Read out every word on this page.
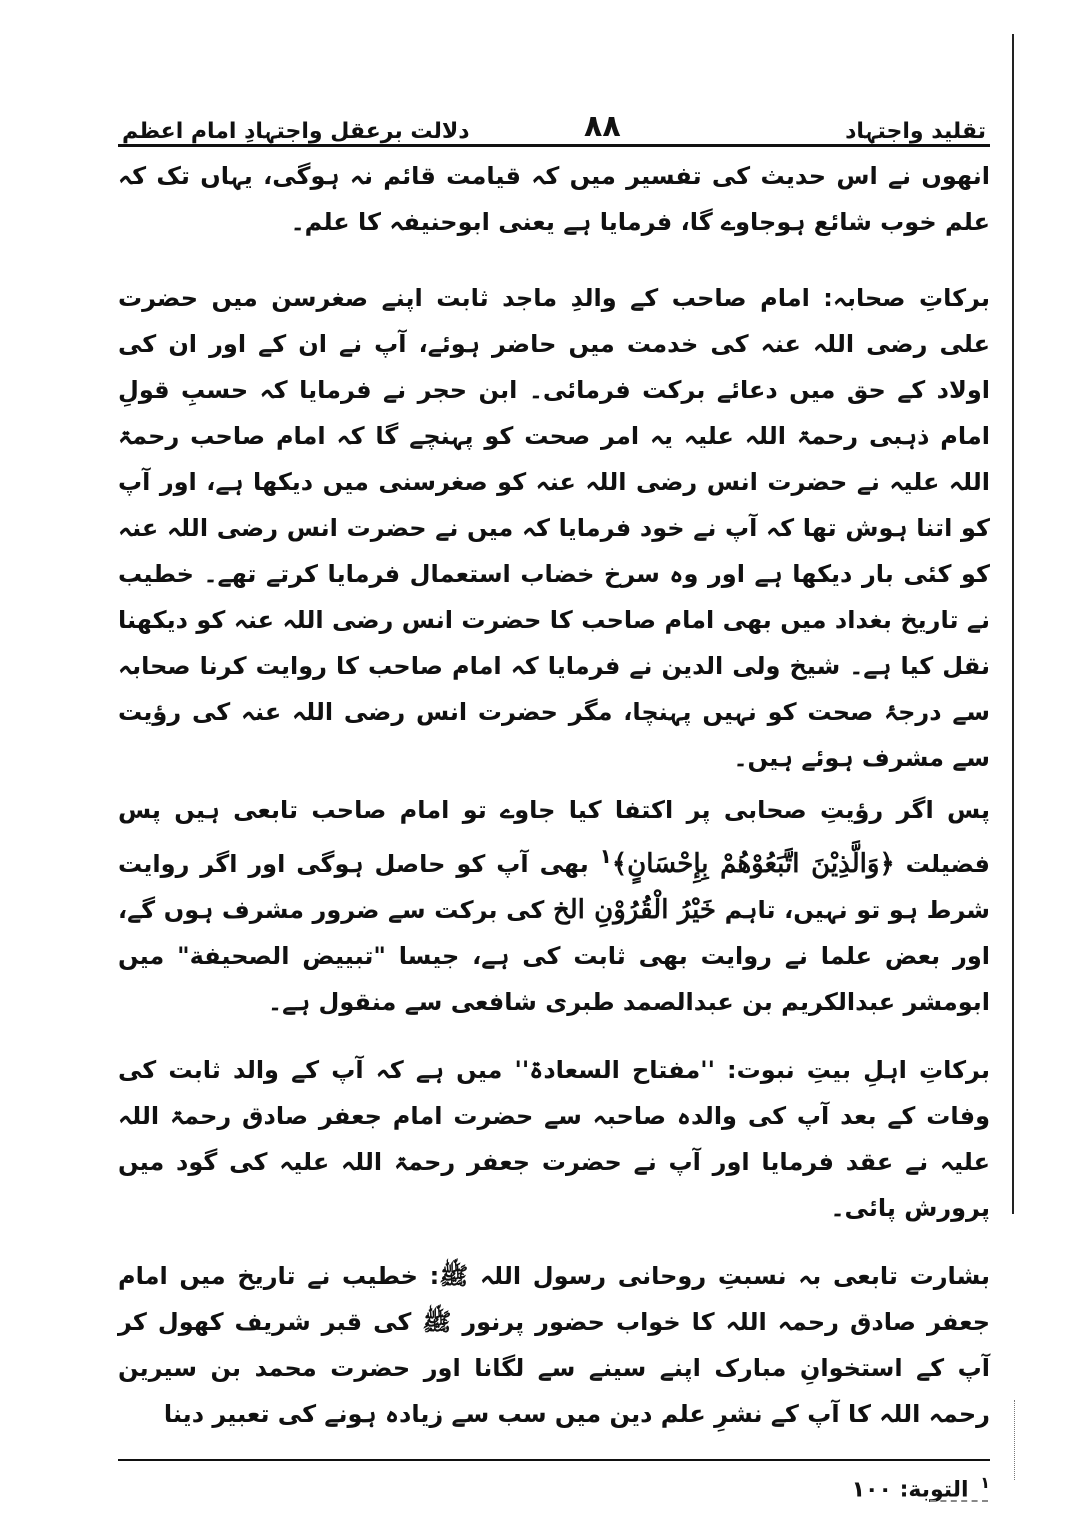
دلالت برعقل واجتہادِ امام اعظم	۸۸	تقلید واجتہاد

انھوں نے اس حدیث کی تفسیر میں کہ قیامت قائم نہ ہوگی، یہاں تک کہ علم خوب شائع ہوجاوے گا، فرمایا ہے یعنی ابوحنیفہ کا علم۔

برکاتِ صحابہ: امام صاحب کے والدِ ماجد ثابت اپنے صغرسن میں حضرت علی رضی اللہ عنہ کی خدمت میں حاضر ہوئے، آپ نے ان کے اور ان کی اولاد کے حق میں دعائے برکت فرمائی۔ ابن حجر نے فرمایا کہ حسبِ قولِ امام ذہبی رحمۃ اللہ علیہ یہ امر صحت کو پہنچے گا کہ امام صاحب رحمۃ اللہ علیہ نے حضرت انس رضی اللہ عنہ کو صغرسنی میں دیکھا ہے، اور آپ کو اتنا ہوش تھا کہ آپ نے خود فرمایا کہ میں نے حضرت انس رضی اللہ عنہ کو کئی بار دیکھا ہے اور وہ سرخ خضاب استعمال فرمایا کرتے تھے۔ خطیب نے تاریخ بغداد میں بھی امام صاحب کا حضرت انس رضی اللہ عنہ کو دیکھنا نقل کیا ہے۔ شیخ ولی الدین نے فرمایا کہ امام صاحب کا روایت کرنا صحابہ سے درجۂ صحت کو نہیں پہنچا، مگر حضرت انس رضی اللہ عنہ کی رؤیت سے مشرف ہوئے ہیں۔

پس اگر رؤیتِ صحابی پر اکتفا کیا جاوے تو امام صاحب تابعی ہیں پس فضیلت ﴿وَالَّذِيْنَ اتَّبَعُوْهُمْ بِإِحْسَانٍ﴾$^۱$ بھی آپ کو حاصل ہوگی اور اگر روایت شرط ہو تو نہیں، تاہم خَيْرُ الْقُرُوْنِ الخ کی برکت سے ضرور مشرف ہوں گے، اور بعض علما نے روایت بھی ثابت کی ہے، جیسا "تبييض الصحيفة" میں ابومشر عبدالکریم بن عبدالصمد طبری شافعی سے منقول ہے۔

برکاتِ اہلِ بیتِ نبوت: ''مفتاح السعادۃ'' میں ہے کہ آپ کے والد ثابت کی وفات کے بعد آپ کی والدہ صاحبہ سے حضرت امام جعفر صادق رحمۃ اللہ علیہ نے عقد فرمایا اور آپ نے حضرت جعفر رحمۃ اللہ علیہ کی گود میں پرورش پائی۔

بشارت تابعی بہ نسبتِ روحانی رسول اللہ ﷺ: خطیب نے تاریخ میں امام جعفر صادق رحمہ اللہ کا خواب حضور پرنور ﷺ کی قبر شریف کھول کر آپ کے استخوانِ مبارک اپنے سینے سے لگانا اور حضرت محمد بن سیرین رحمہ اللہ کا آپ کے نشرِ علم دین میں سب سے زیادہ ہونے کی تعبیر دینا

$^۱$ التوبة: ۱۰۰
